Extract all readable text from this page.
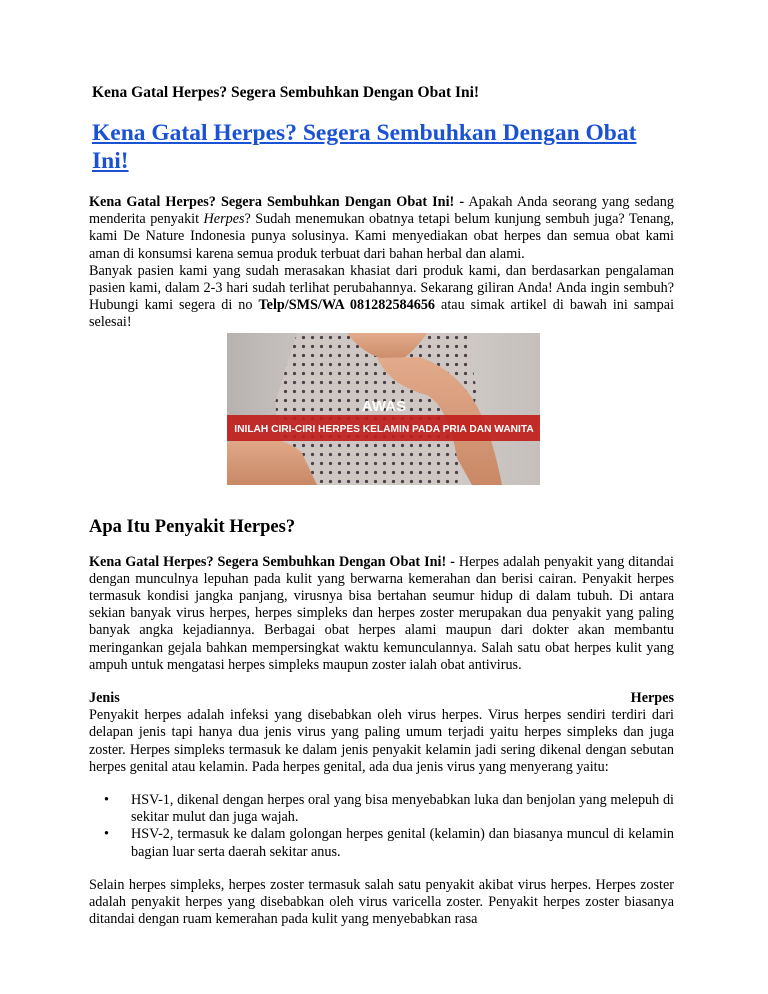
Kena Gatal Herpes? Segera Sembuhkan Dengan Obat Ini!
Kena Gatal Herpes? Segera Sembuhkan Dengan Obat Ini!

Kena Gatal Herpes? Segera Sembuhkan Dengan Obat Ini! - Apakah Anda seorang yang sedang menderita penyakit Herpes? Sudah menemukan obatnya tetapi belum kunjung sembuh juga? Tenang, kami De Nature Indonesia punya solusinya. Kami menyediakan obat herpes dan semua obat kami aman di konsumsi karena semua produk terbuat dari bahan herbal dan alami.

Banyak pasien kami yang sudah merasakan khasiat dari produk kami, dan berdasarkan pengalaman pasien kami, dalam 2-3 hari sudah terlihat perubahannya. Sekarang giliran Anda! Anda ingin sembuh? Hubungi kami segera di no Telp/SMS/WA 081282584656 atau simak artikel di bawah ini sampai selesai!

AWAS
INILAH CIRI-CIRI HERPES KELAMIN PADA PRIA DAN WANITA
Apa Itu Penyakit Herpes?

Kena Gatal Herpes? Segera Sembuhkan Dengan Obat Ini! - Herpes adalah penyakit yang ditandai dengan munculnya lepuhan pada kulit yang berwarna kemerahan dan berisi cairan. Penyakit herpes termasuk kondisi jangka panjang, virusnya bisa bertahan seumur hidup di dalam tubuh. Di antara sekian banyak virus herpes, herpes simpleks dan herpes zoster merupakan dua penyakit yang paling banyak angka kejadiannya. Berbagai obat herpes alami maupun dari dokter akan membantu meringankan gejala bahkan mempersingkat waktu kemunculannya. Salah satu obat herpes kulit yang ampuh untuk mengatasi herpes simpleks maupun zoster ialah obat antivirus.

Jenis	Herpes

Penyakit herpes adalah infeksi yang disebabkan oleh virus herpes. Virus herpes sendiri terdiri dari delapan jenis tapi hanya dua jenis virus yang paling umum terjadi yaitu herpes simpleks dan juga zoster. Herpes simpleks termasuk ke dalam jenis penyakit kelamin jadi sering dikenal dengan sebutan herpes genital atau kelamin. Pada herpes genital, ada dua jenis virus yang menyerang yaitu:

• HSV-1, dikenal dengan herpes oral yang bisa menyebabkan luka dan benjolan yang melepuh di sekitar mulut dan juga wajah.
• HSV-2, termasuk ke dalam golongan herpes genital (kelamin) dan biasanya muncul di kelamin bagian luar serta daerah sekitar anus.

Selain herpes simpleks, herpes zoster termasuk salah satu penyakit akibat virus herpes. Herpes zoster adalah penyakit herpes yang disebabkan oleh virus varicella zoster. Penyakit herpes zoster biasanya ditandai dengan ruam kemerahan pada kulit yang menyebabkan rasa
